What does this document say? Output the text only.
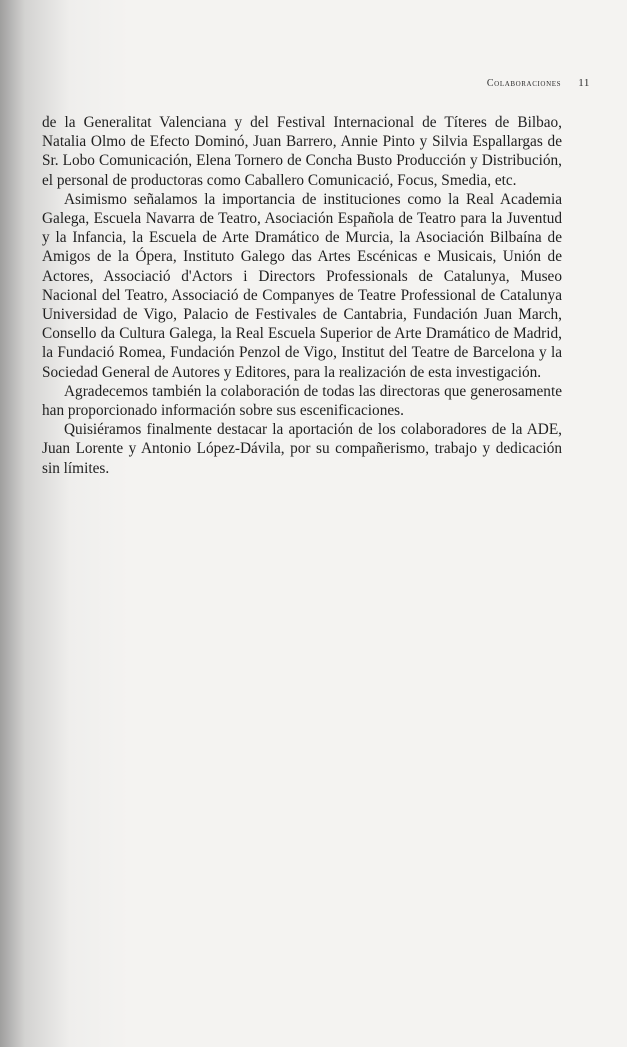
Colaboraciones 11

de la Generalitat Valenciana y del Festival Internacional de Títeres de Bilbao, Natalia Olmo de Efecto Dominó, Juan Barrero, Annie Pinto y Silvia Espallargas de Sr. Lobo Comunicación, Elena Tornero de Concha Busto Producción y Distribución, el personal de productoras como Caballero Comunicació, Focus, Smedia, etc.

Asimismo señalamos la importancia de instituciones como la Real Academia Galega, Escuela Navarra de Teatro, Asociación Española de Teatro para la Juventud y la Infancia, la Escuela de Arte Dramático de Murcia, la Asociación Bilbaína de Amigos de la Ópera, Instituto Galego das Artes Escénicas e Musicais, Unión de Actores, Associació d'Actors i Directors Professionals de Catalunya, Museo Nacional del Teatro, Associació de Companyes de Teatre Professional de Catalunya Universidad de Vigo, Palacio de Festivales de Cantabria, Fundación Juan March, Consello da Cultura Galega, la Real Escuela Superior de Arte Dramático de Madrid, la Fundació Romea, Fundación Penzol de Vigo, Institut del Teatre de Barcelona y la Sociedad General de Autores y Editores, para la realización de esta investigación.

Agradecemos también la colaboración de todas las directoras que generosamente han proporcionado información sobre sus escenificaciones.

Quisiéramos finalmente destacar la aportación de los colaboradores de la ADE, Juan Lorente y Antonio López-Dávila, por su compañerismo, trabajo y dedicación sin límites.
